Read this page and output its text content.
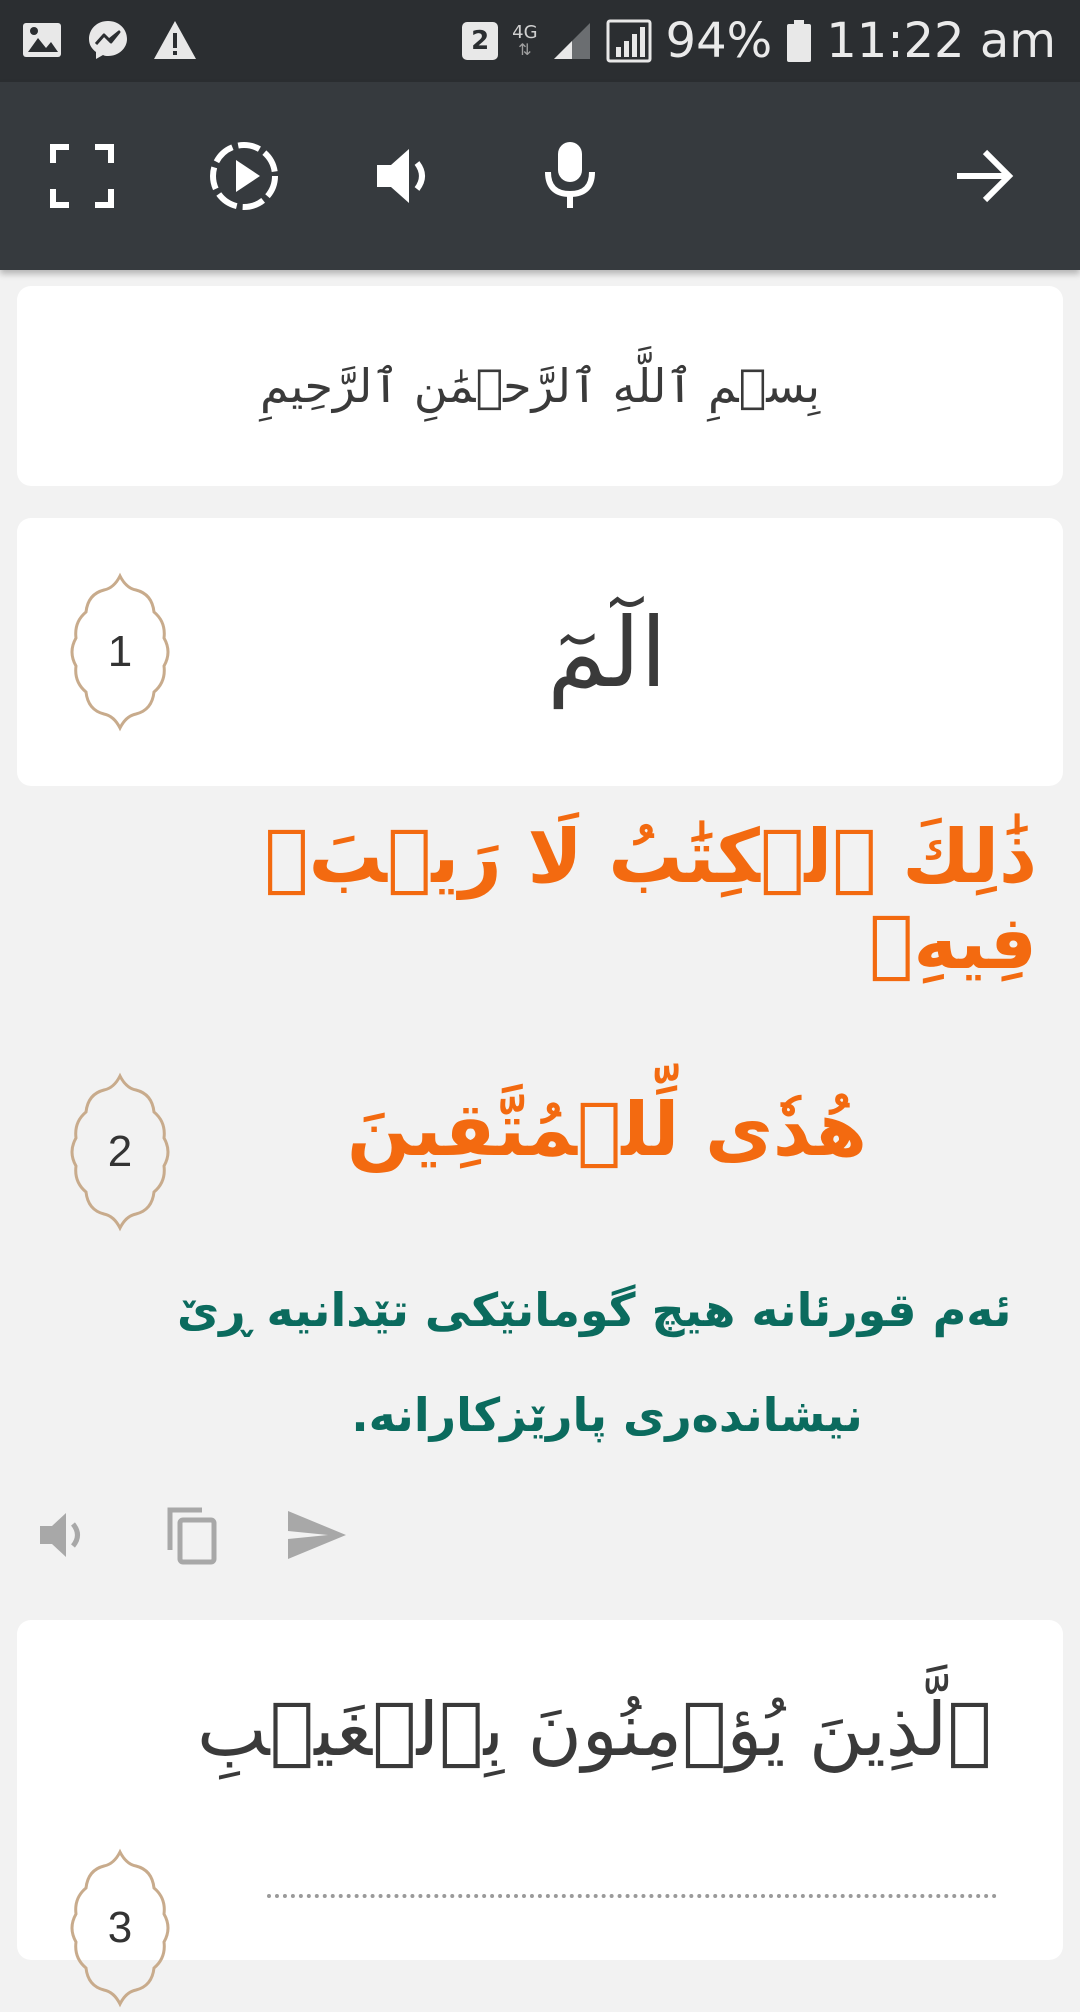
2 4G
⇅	94% 11:22 am
بِسۡمِ ٱللَّهِ ٱلرَّحۡمَٰنِ ٱلرَّحِيمِ
1	الٓمٓ
ذَٰلِكَ ٱلۡكِتَٰبُ لَا رَيۡبَۛ فِيهِۛ
هُدٗى لِّلۡمُتَّقِينَ
2
ئەم قورئانە هیچ گومانێکی تێدانیە ڕێ
نیشاندەری پارێزکارانە.
ٱلَّذِينَ يُؤۡمِنُونَ بِٱلۡغَيۡبِ
3
